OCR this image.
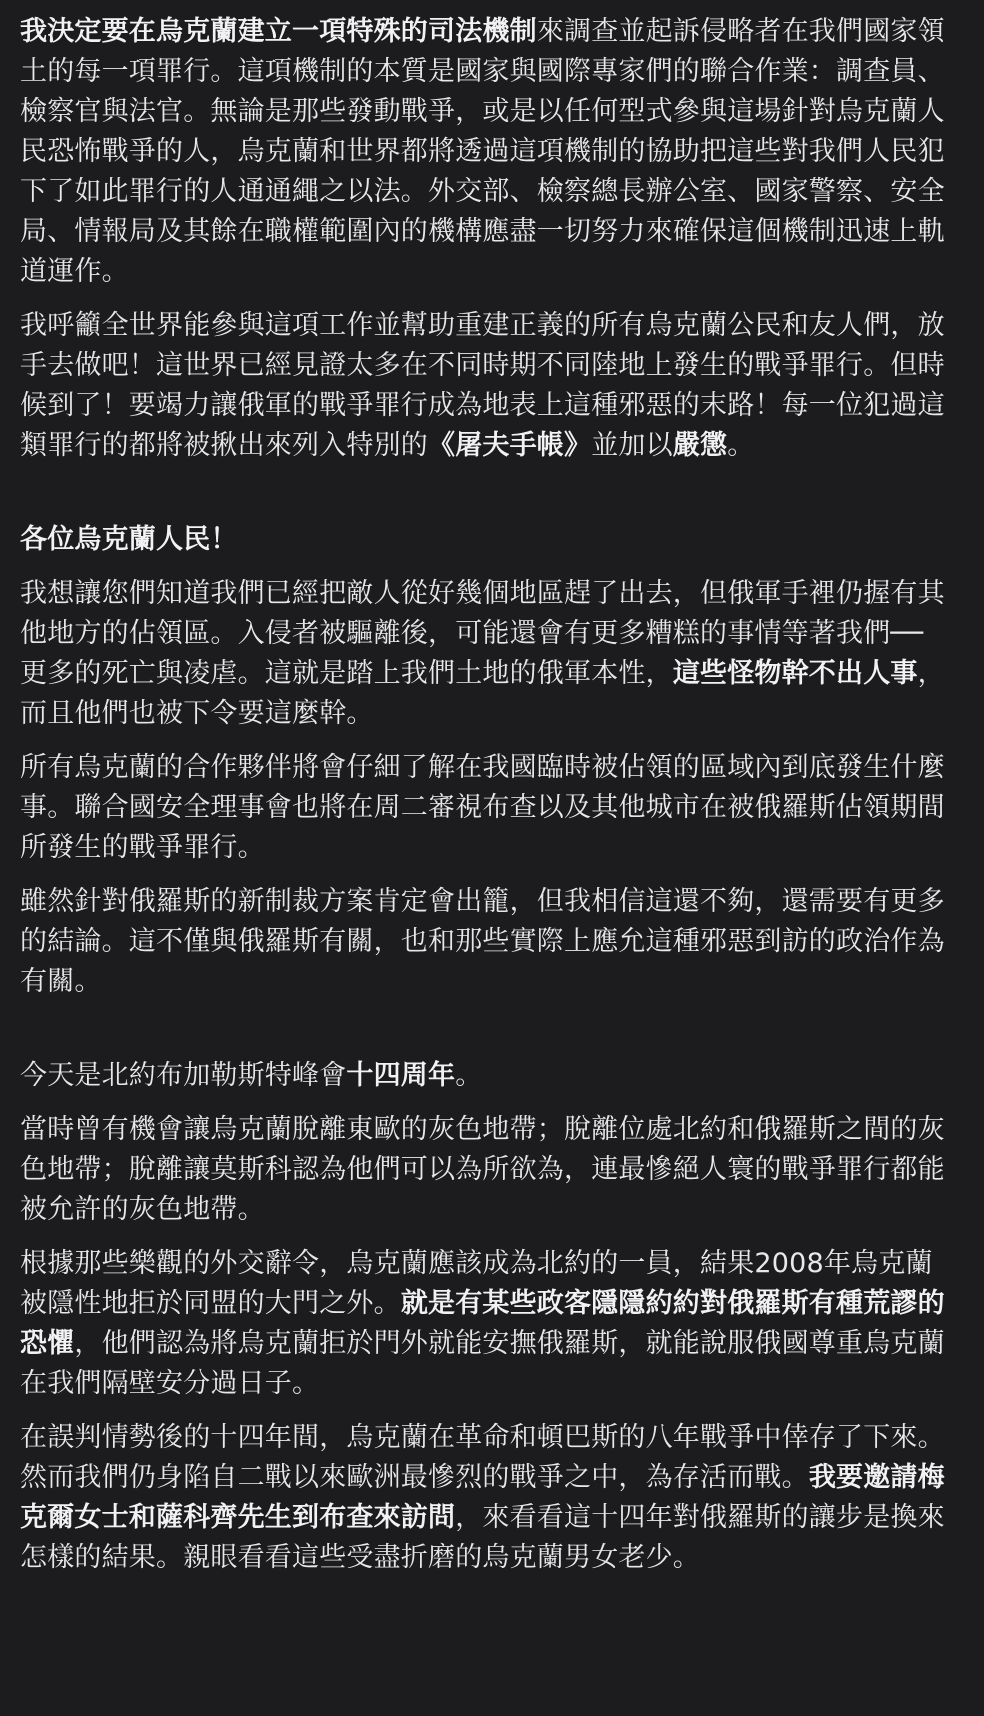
我決定要在烏克蘭建立一項特殊的司法機制來調查並起訴侵略者在我們國家領土的每一項罪行。這項機制的本質是國家與國際專家們的聯合作業：調查員、檢察官與法官。無論是那些發動戰爭，或是以任何型式參與這場針對烏克蘭人民恐怖戰爭的人，烏克蘭和世界都將透過這項機制的協助把這些對我們人民犯下了如此罪行的人通通繩之以法。外交部、檢察總長辦公室、國家警察、安全局、情報局及其餘在職權範圍內的機構應盡一切努力來確保這個機制迅速上軌道運作。

我呼籲全世界能參與這項工作並幫助重建正義的所有烏克蘭公民和友人們，放手去做吧！這世界已經見證太多在不同時期不同陸地上發生的戰爭罪行。但時候到了！要竭力讓俄軍的戰爭罪行成為地表上這種邪惡的末路！每一位犯過這類罪行的都將被揪出來列入特別的《屠夫手帳》並加以嚴懲。

各位烏克蘭人民！

我想讓您們知道我們已經把敵人從好幾個地區趕了出去，但俄軍手裡仍握有其他地方的佔領區。入侵者被驅離後，可能還會有更多糟糕的事情等著我們──更多的死亡與凌虐。這就是踏上我們土地的俄軍本性，這些怪物幹不出人事，而且他們也被下令要這麼幹。

所有烏克蘭的合作夥伴將會仔細了解在我國臨時被佔領的區域內到底發生什麼事。聯合國安全理事會也將在周二審視布查以及其他城市在被俄羅斯佔領期間所發生的戰爭罪行。

雖然針對俄羅斯的新制裁方案肯定會出籠，但我相信這還不夠，還需要有更多的結論。這不僅與俄羅斯有關，也和那些實際上應允這種邪惡到訪的政治作為有關。

今天是北約布加勒斯特峰會十四周年。

當時曾有機會讓烏克蘭脫離東歐的灰色地帶；脫離位處北約和俄羅斯之間的灰色地帶；脫離讓莫斯科認為他們可以為所欲為，連最慘絕人寰的戰爭罪行都能被允許的灰色地帶。

根據那些樂觀的外交辭令，烏克蘭應該成為北約的一員，結果2008年烏克蘭被隱性地拒於同盟的大門之外。就是有某些政客隱隱約約對俄羅斯有種荒謬的恐懼，他們認為將烏克蘭拒於門外就能安撫俄羅斯，就能說服俄國尊重烏克蘭在我們隔壁安分過日子。

在誤判情勢後的十四年間，烏克蘭在革命和頓巴斯的八年戰爭中倖存了下來。然而我們仍身陷自二戰以來歐洲最慘烈的戰爭之中，為存活而戰。我要邀請梅克爾女士和薩科齊先生到布查來訪問，來看看這十四年對俄羅斯的讓步是換來怎樣的結果。親眼看看這些受盡折磨的烏克蘭男女老少。
